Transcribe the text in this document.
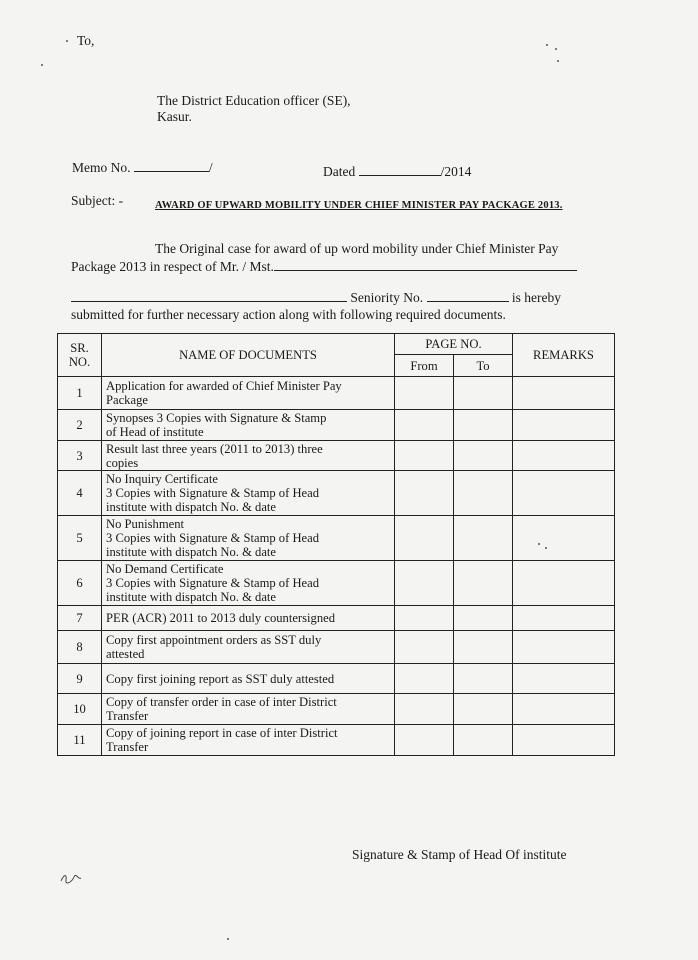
To,
The District Education officer (SE),
Kasur.
Memo No.	/	Dated	/2014
Subject: -	AWARD OF UPWARD MOBILITY UNDER CHIEF MINISTER PAY PACKAGE 2013.
The Original case for award of up word mobility under Chief Minister Pay
Package 2013 in respect of Mr. / Mst.
Seniority No.	is hereby
submitted for further necessary action along with following required documents.
SR.
NO.	NAME OF DOCUMENTS	PAGE NO.		REMARKS
		From	To	
1	Application for awarded of Chief Minister Pay
Package			

2	Synopses 3 Copies with Signature & Stamp
of Head of institute			

3	Result last three years (2011 to 2013) three
copies			

4	No Inquiry Certificate
3 Copies with Signature & Stamp of Head
institute with dispatch No. & date			

5	No Punishment
3 Copies with Signature & Stamp of Head
institute with dispatch No. & date			

6	No Demand Certificate
3 Copies with Signature & Stamp of Head
institute with dispatch No. & date			

7	PER (ACR) 2011 to 2013 duly countersigned			

8	Copy first appointment orders as SST duly
attested			

9	Copy first joining report as SST duly attested			

10	Copy of transfer order in case of inter District
Transfer			

11	Copy of joining report in case of inter District
Transfer			

Signature & Stamp of Head Of institute
